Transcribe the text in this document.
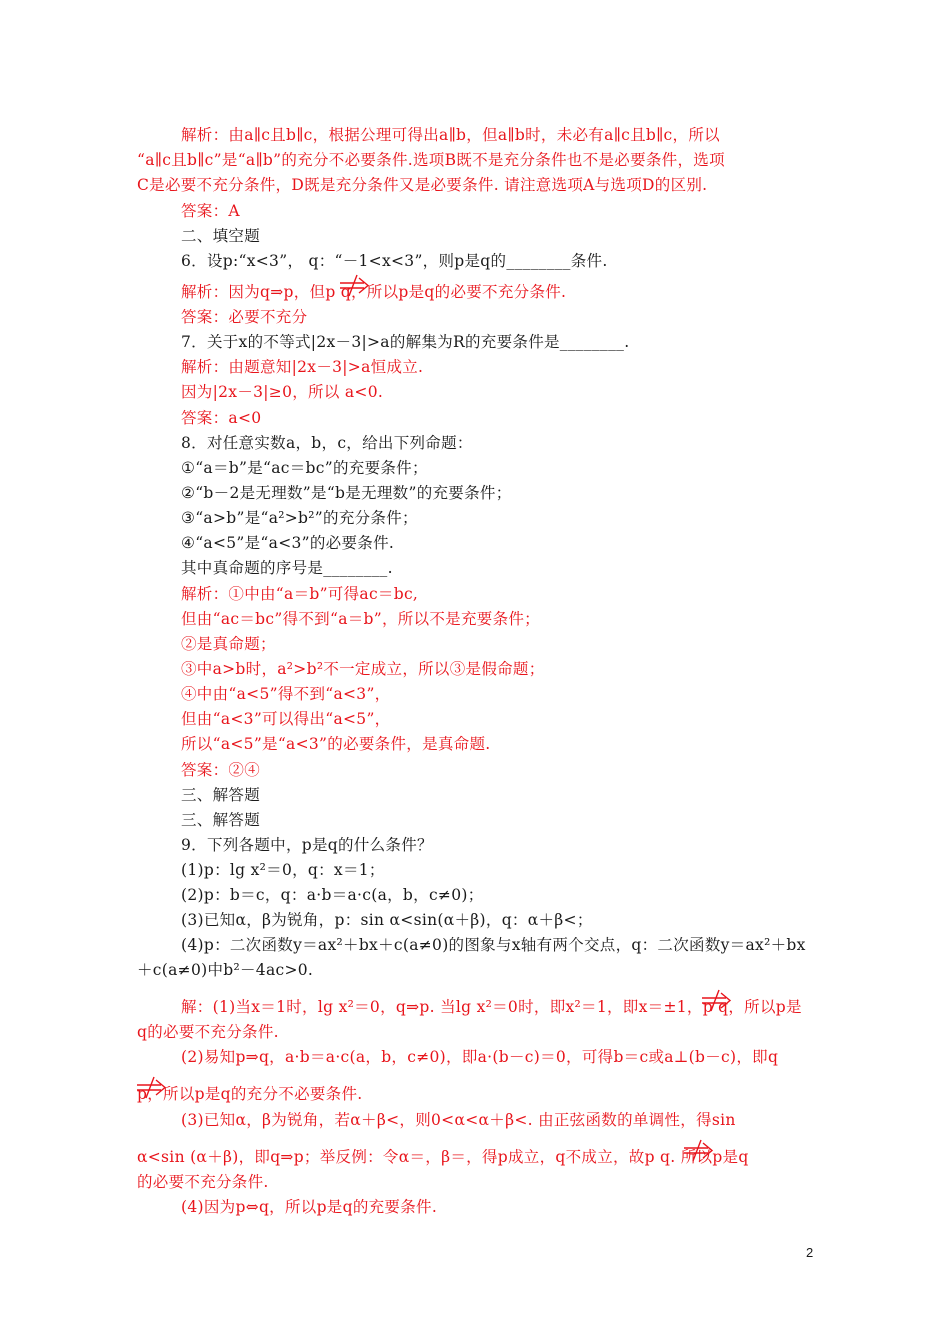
解析：由a∥c且b∥c，根据公理可得出a∥b，但a∥b时，未必有a∥c且b∥c，所以
“a∥c且b∥c”是“a∥b”的充分不必要条件.选项B既不是充分条件也不是必要条件，选项
C是必要不充分条件，D既是充分条件又是必要条件. 请注意选项A与选项D的区别.
答案：A
二、填空题
6．设p:“x<3”， q：“－1<x<3”，则p是q的________条件.
解析：因为q⇒p，但p q，所以p是q的必要不充分条件.
答案：必要不充分
7．关于x的不等式|2x－3|>a的解集为R的充要条件是________.
解析：由题意知|2x－3|>a恒成立.
因为|2x－3|≥0，所以 a<0.
答案：a<0
8．对任意实数a，b，c，给出下列命题：
①“a＝b”是“ac＝bc”的充要条件；
②“b－2是无理数”是“b是无理数”的充要条件；
③“a>b”是“a²>b²”的充分条件；
④“a<5”是“a<3”的必要条件.
其中真命题的序号是________.
解析：①中由“a＝b”可得ac＝bc,
但由“ac＝bc”得不到“a＝b”，所以不是充要条件；
②是真命题；
③中a>b时，a²>b²不一定成立，所以③是假命题；
④中由“a<5”得不到“a<3”，
但由“a<3”可以得出“a<5”，
所以“a<5”是“a<3”的必要条件，是真命题.
答案：②④
三、解答题
三、解答题
9．下列各题中，p是q的什么条件？
(1)p：lg x²＝0，q：x＝1；
(2)p：b＝c，q：a·b＝a·c(a，b，c≠0)；
(3)已知α，β为锐角，p：sin α<sin(α＋β)，q：α＋β<；
(4)p：二次函数y＝ax²＋bx＋c(a≠0)的图象与x轴有两个交点，q：二次函数y＝ax²＋bx
＋c(a≠0)中b²－4ac>0.
解：(1)当x＝1时，lg x²＝0，q⇒p. 当lg x²＝0时，即x²＝1，即x＝±1，p q，所以p是
q的必要不充分条件.
(2)易知p⇒q，a·b＝a·c(a，b，c≠0)，即a·(b－c)＝0，可得b＝c或a⊥(b－c)，即q
p，所以p是q的充分不必要条件.
(3)已知α，β为锐角，若α＋β<，则0<α<α＋β<. 由正弦函数的单调性，得sin
α<sin (α＋β)，即q⇒p；举反例：令α＝，β＝，得p成立，q不成立，故p q. 所以p是q
的必要不充分条件.
(4)因为p⇔q，所以p是q的充要条件.
2
